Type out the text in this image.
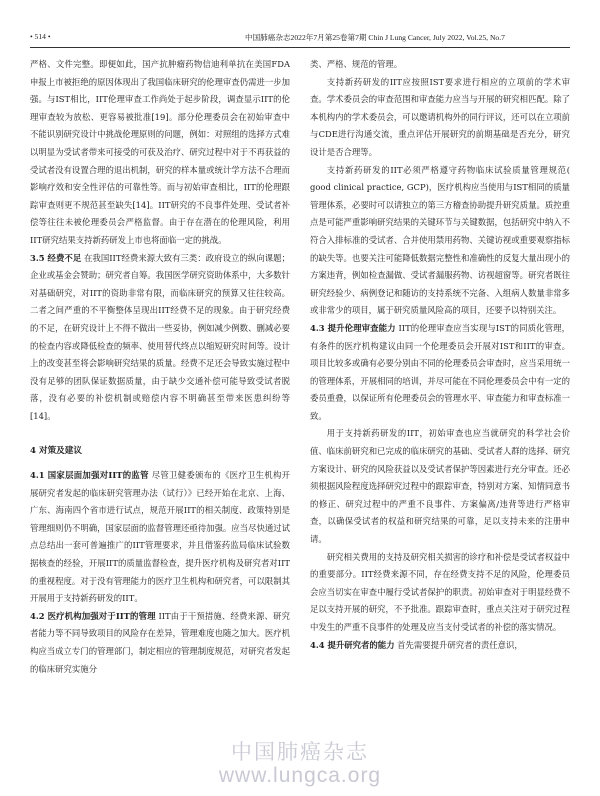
• 514 •	中国肺癌杂志2022年7月第25卷第7期 Chin J Lung Cancer, July 2022, Vol.25, No.7

严格、文件完整。即便如此，国产抗肿瘤药物信迪利单抗在美国FDA申报上市被拒绝的原因体现出了我国临床研究的伦理审查仍需进一步加强。与IST相比，IIT伦理审查工作尚处于起步阶段，调查显示IIT的伦理审查较为放松、更容易被批准[19]。部分伦理委员会在初始审查中不能识别研究设计中挑战伦理原则的问题，例如：对照组的选择方式难以明显为受试者带来可接受的可获及治疗、研究过程中对于不再获益的受试者没有设置合理的退出机制，研究的样本量或统计学方法不合理而影响疗效和安全性评估的可靠性等。而与初始审查相比，IIT的伦理跟踪审查则更不规范甚至缺失[14]。IIT研究的不良事件处理、受试者补偿等往往未被伦理委员会严格监督。由于存在潜在的伦理风险，利用IIT研究结果支持新药研发上市也将面临一定的挑战。

3.5 经费不足 在我国IIT经费来源大致有三类：政府设立的纵向课题；企业或基金会赞助；研究者自筹。我国医学研究资助体系中，大多数针对基础研究，对IIT的资助非常有限，而临床研究的预算又往往较高。二者之间严重的不平衡整体呈现出IIT经费不足的现象。由于研究经费的不足，在研究设计上不得不做出一些妥协，例如减少例数、删减必要的检查内容或降低检查的频率、使用替代终点以缩短研究时间等。设计上的改变甚至将会影响研究结果的质量。经费不足还会导致实施过程中没有足够的团队保证数据质量，由于缺少交通补偿可能导致受试者脱落，没有必要的补偿机制或赔偿内容不明确甚至带来医患纠纷等[14]。

4 对策及建议

4.1 国家层面加强对IIT的监管 尽管卫健委颁布的《医疗卫生机构开展研究者发起的临床研究管理办法（试行）》已经开始在北京、上海、广东、海南四个省市进行试点，规范开展IIT的相关制度、政策特别是管理细则仍不明确，国家层面的监督管理还亟待加强。应当尽快通过试点总结出一套可普遍推广的IIT管理要求，并且借鉴药监局临床试验数据核查的经验，开展IIT的质量监督检查，提升医疗机构及研究者对IIT的重视程度。对于没有管理能力的医疗卫生机构和研究者，可以限制其开展用于支持新药研发的IIT。

4.2 医疗机构加强对于IIT的管理 IIT由于干预措施、经费来源、研究者能力等不同导致项目的风险存在差异，管理难度也随之加大。医疗机构应当成立专门的管理部门，制定相应的管理制度规范，对研究者发起的临床研究实施分

类、严格、规范的管理。

支持新药研发的IIT应按照IST要求进行相应的立项前的学术审查。学术委员会的审查范围和审查能力应当与开展的研究相匹配。除了本机构内的学术委员会，可以邀请机构外的同行评议，还可以在立项前与CDE进行沟通交流，重点评估开展研究的前期基础是否充分，研究设计是否合理等。

支持新药研发的IIT必须严格遵守药物临床试验质量管理规范( good clinical practice, GCP)，医疗机构应当使用与IST相同的质量管理体系，必要时可以请独立的第三方稽查协助提升研究质量。质控重点是可能严重影响研究结果的关键环节与关键数据，包括研究中纳入不符合入排标准的受试者、合并使用禁用药物、关键访视或重要观察指标的缺失等。也要关注可能降低数据完整性和准确性的反复大量出现小的方案违背，例如检查漏做、受试者漏服药物、访视超窗等。研究者既往研究经验少、病例登记和随访的支持系统不完备、入组病人数量非常多或非常少的项目，属于研究质量风险高的项目，还要予以特别关注。

4.3 提升伦理审查能力 IIT的伦理审查应当实现与IST的同质化管理，有条件的医疗机构建议由同一个伦理委员会开展对IST和IIT的审查。项目比较多或确有必要分别由不同的伦理委员会审查时，应当采用统一的管理体系，开展相同的培训，并尽可能在不同伦理委员会中有一定的委员重叠，以保证所有伦理委员会的管理水平、审查能力和审查标准一致。

用于支持新药研发的IIT，初始审查也应当就研究的科学社会价值、临床前研究和已完成的临床研究的基础、受试者人群的选择、研究方案设计、研究的风险获益以及受试者保护等因素进行充分审查。还必须根据风险程度选择研究过程中的跟踪审查，特别对方案、知情同意书的修正、研究过程中的严重不良事件、方案偏离/违背等进行严格审查，以确保受试者的权益和研究结果的可靠，足以支持未来的注册申请。

研究相关费用的支持及研究相关损害的诊疗和补偿是受试者权益中的重要部分。IIT经费来源不同，存在经费支持不足的风险，伦理委员会应当切实在审查中履行受试者保护的职责。初始审查对于明显经费不足以支持开展的研究，不予批准。跟踪审查时，重点关注对于研究过程中发生的严重不良事件的处理及应当支付受试者的补偿的落实情况。

4.4 提升研究者的能力 首先需要提升研究者的责任意识，

中国肺癌杂志
www.lungca.org
